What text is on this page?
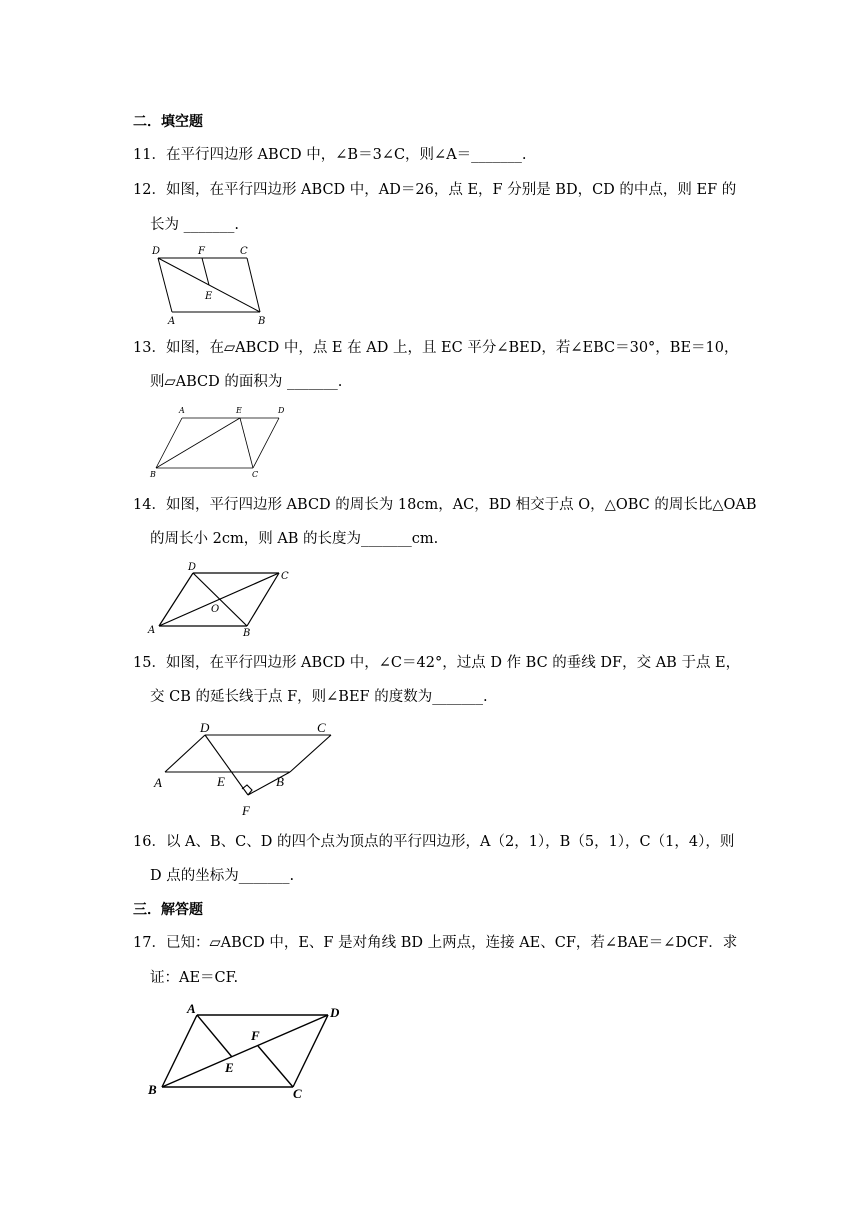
二．填空题
11．在平行四边形 ABCD 中，∠B＝3∠C，则∠A＝_______.
12．如图，在平行四边形 ABCD 中，AD＝26，点 E，F 分别是 BD，CD 的中点，则 EF 的
长为 _______.
D	F	C
E
A	B
13．如图，在▱ABCD 中，点 E 在 AD 上，且 EC 平分∠BED，若∠EBC＝30°，BE＝10，
则▱ABCD 的面积为 _______.
A	E	D
B	C
14．如图，平行四边形 ABCD 的周长为 18cm，AC，BD 相交于点 O，△OBC 的周长比△OAB
的周长小 2cm，则 AB 的长度为_______cm.
D
C
O
A	B
15．如图，在平行四边形 ABCD 中，∠C＝42°，过点 D 作 BC 的垂线 DF，交 AB 于点 E，
交 CB 的延长线于点 F，则∠BEF 的度数为_______.
D	C
A	E	B
F
16．以 A、B、C、D 的四个点为顶点的平行四边形，A（2，1），B（5，1），C（1，4），则
D 点的坐标为_______.
三．解答题
17．已知：▱ABCD 中，E、F 是对角线 BD 上两点，连接 AE、CF，若∠BAE＝∠DCF．求
证：AE＝CF.
A	D
F
E
B	C
